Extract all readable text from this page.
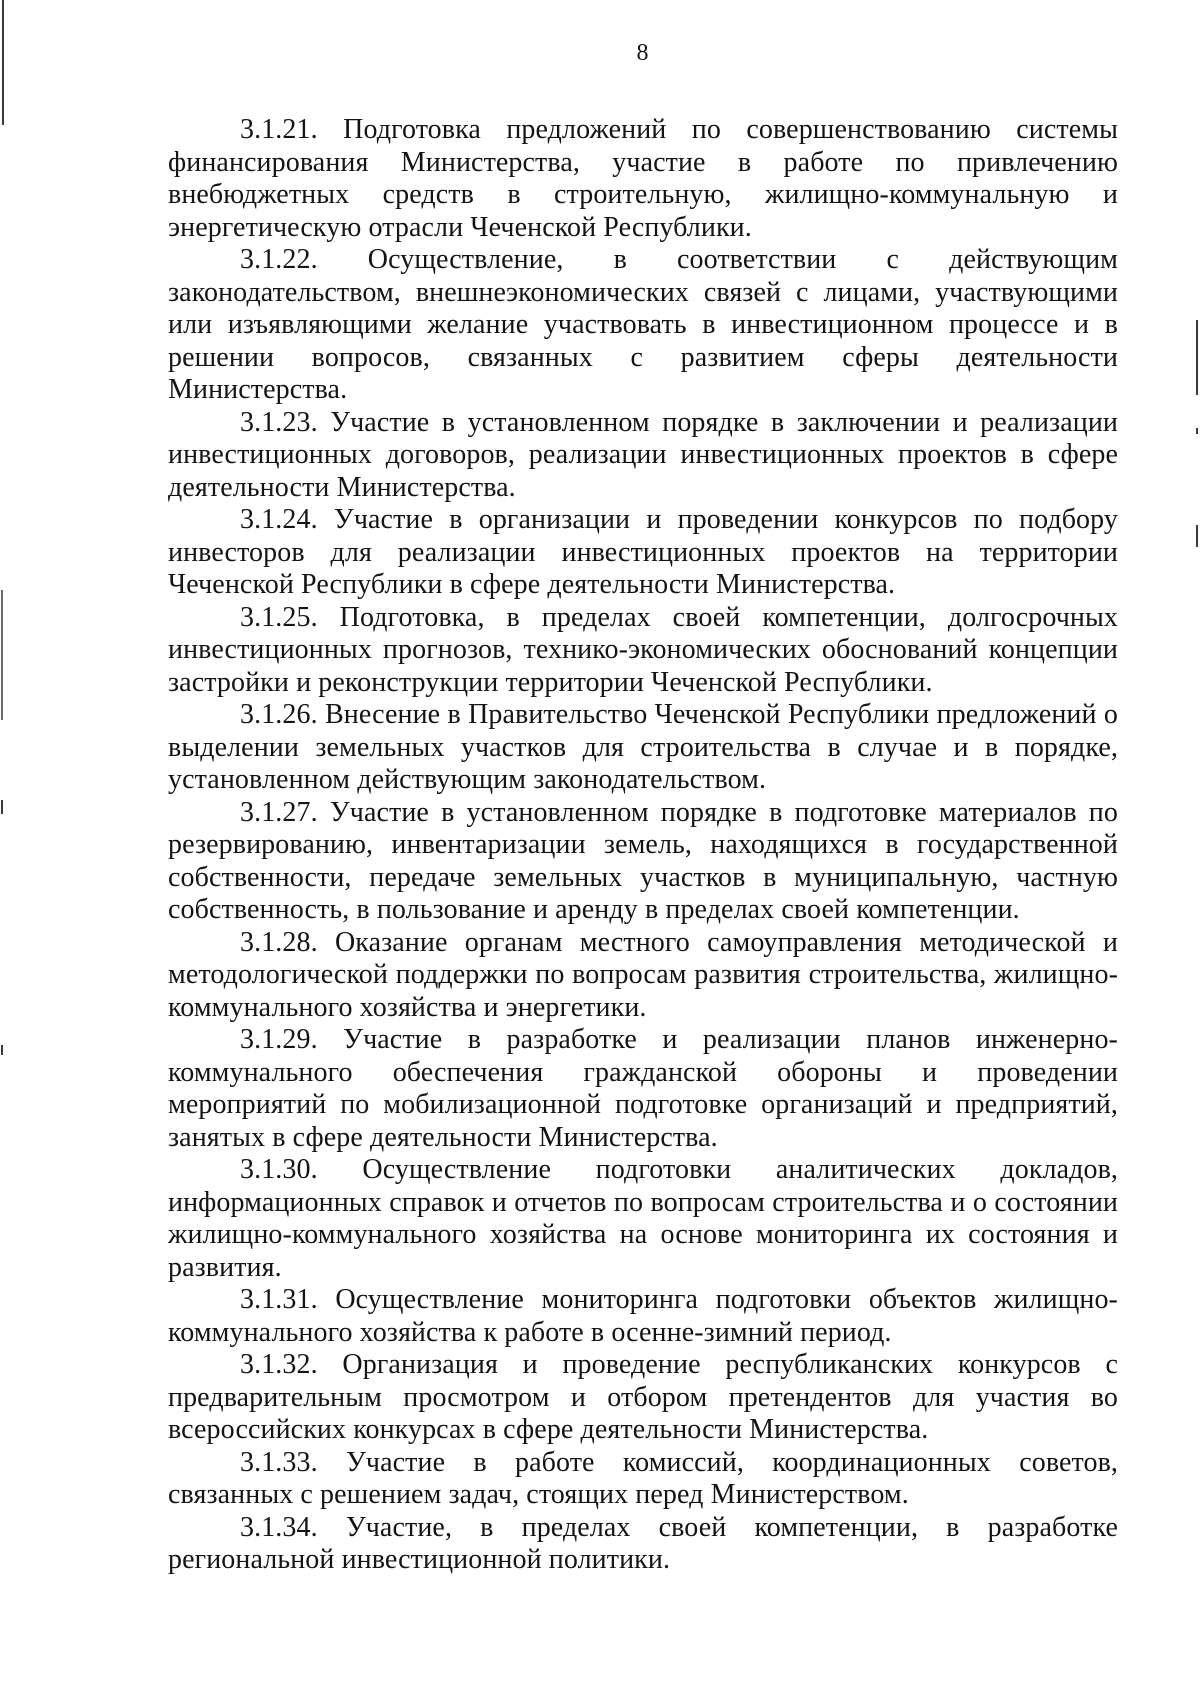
8

3.1.21. Подготовка предложений по совершенствованию системы финансирования Министерства, участие в работе по привлечению внебюджетных средств в строительную, жилищно-коммунальную и энергетическую отрасли Чеченской Республики.

3.1.22. Осуществление, в соответствии с действующим законодательством, внешнеэкономических связей с лицами, участвующими или изъявляющими желание участвовать в инвестиционном процессе и в решении вопросов, связанных с развитием сферы деятельности Министерства.

3.1.23. Участие в установленном порядке в заключении и реализации инвестиционных договоров, реализации инвестиционных проектов в сфере деятельности Министерства.

3.1.24. Участие в организации и проведении конкурсов по подбору инвесторов для реализации инвестиционных проектов на территории Чеченской Республики в сфере деятельности Министерства.

3.1.25. Подготовка, в пределах своей компетенции, долгосрочных инвестиционных прогнозов, технико-экономических обоснований концепции застройки и реконструкции территории Чеченской Республики.

3.1.26. Внесение в Правительство Чеченской Республики предложений о выделении земельных участков для строительства в случае и в порядке, установленном действующим законодательством.

3.1.27. Участие в установленном порядке в подготовке материалов по резервированию, инвентаризации земель, находящихся в государственной собственности, передаче земельных участков в муниципальную, частную собственность, в пользование и аренду в пределах своей компетенции.

3.1.28. Оказание органам местного самоуправления методической и методологической поддержки по вопросам развития строительства, жилищно-коммунального хозяйства и энергетики.

3.1.29. Участие в разработке и реализации планов инженерно-коммунального обеспечения гражданской обороны и проведении мероприятий по мобилизационной подготовке организаций и предприятий, занятых в сфере деятельности Министерства.

3.1.30. Осуществление подготовки аналитических докладов, информационных справок и отчетов по вопросам строительства и о состоянии жилищно-коммунального хозяйства на основе мониторинга их состояния и развития.

3.1.31. Осуществление мониторинга подготовки объектов жилищно-коммунального хозяйства к работе в осенне-зимний период.

3.1.32. Организация и проведение республиканских конкурсов с предварительным просмотром и отбором претендентов для участия во всероссийских конкурсах в сфере деятельности Министерства.

3.1.33. Участие в работе комиссий, координационных советов, связанных с решением задач, стоящих перед Министерством.

3.1.34. Участие, в пределах своей компетенции, в разработке региональной инвестиционной политики.
